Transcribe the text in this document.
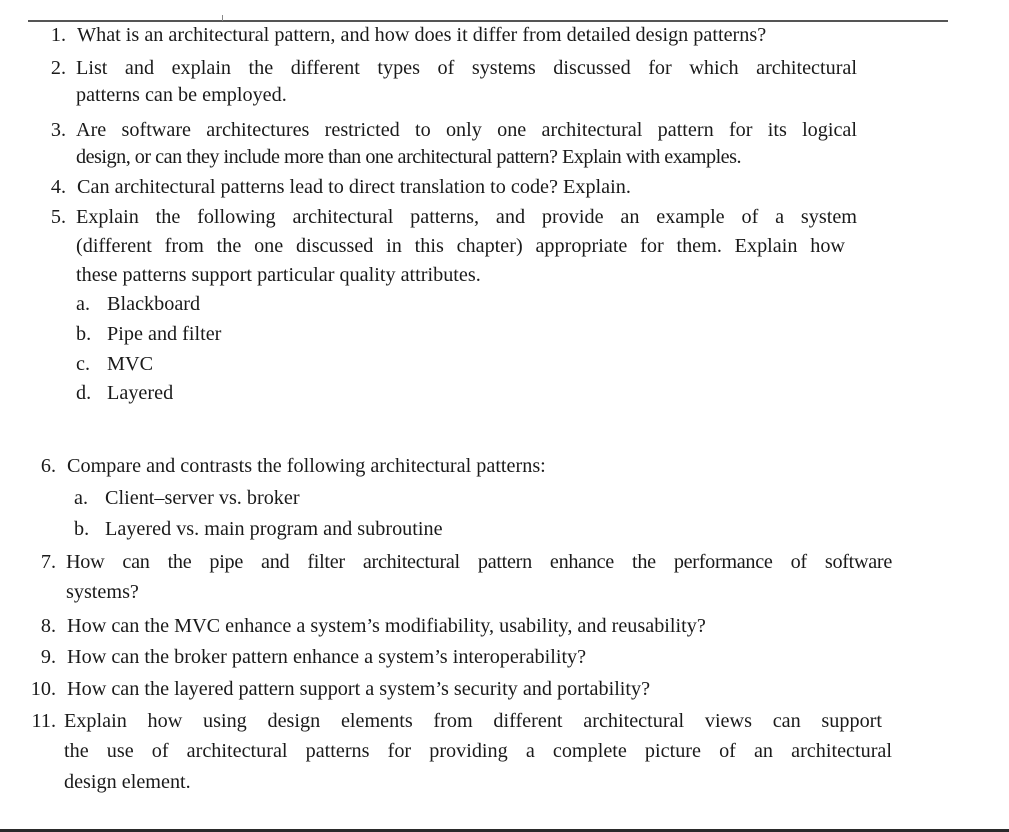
1. What is an architectural pattern, and how does it differ from detailed design patterns?
2. List and explain the different types of systems discussed for which architectural
patterns can be employed.
3. Are software architectures restricted to only one architectural pattern for its logical
design, or can they include more than one architectural pattern? Explain with examples.
4. Can architectural patterns lead to direct translation to code? Explain.
5. Explain the following architectural patterns, and provide an example of a system
(different from the one discussed in this chapter) appropriate for them. Explain how
these patterns support particular quality attributes.
a. Blackboard
b. Pipe and filter
c. MVC
d. Layered
6. Compare and contrasts the following architectural patterns:
a. Client–server vs. broker
b. Layered vs. main program and subroutine
7. How can the pipe and filter architectural pattern enhance the performance of software
systems?
8. How can the MVC enhance a system’s modifiability, usability, and reusability?
9. How can the broker pattern enhance a system’s interoperability?
10. How can the layered pattern support a system’s security and portability?
11. Explain how using design elements from different architectural views can support
the use of architectural patterns for providing a complete picture of an architectural
design element.
